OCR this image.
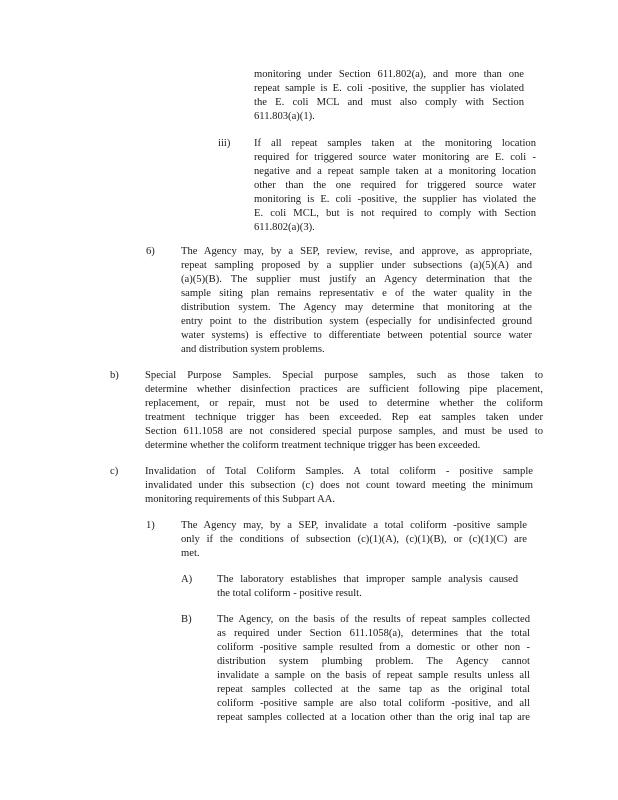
monitoring under Section 611.802(a), and more than one
repeat sample is E. coli -positive, the supplier has violated
the E. coli MCL and must also comply with Section
611.803(a)(1).
iii) If all repeat samples taken at the monitoring location
required for triggered source water monitoring are E. coli -
negative and a repeat sample taken at a monitoring location
other than the one required for triggered source water
monitoring is E. coli -positive, the supplier has violated the
E. coli MCL, but is not required to comply with Section
611.802(a)(3).
6) The Agency may, by a SEP, review, revise, and approve, as appropriate,
repeat sampling proposed by a supplier under subsections (a)(5)(A) and
(a)(5)(B). The supplier must justify an Agency determination that the
sample siting plan remains representativ e of the water quality in the
distribution system. The Agency may determine that monitoring at the
entry point to the distribution system (especially for undisinfected ground
water systems) is effective to differentiate between potential source water
and distribution system problems.
b) Special Purpose Samples. Special purpose samples, such as those taken to
determine whether disinfection practices are sufficient following pipe placement,
replacement, or repair, must not be used to determine whether the coliform
treatment technique trigger has been exceeded. Rep eat samples taken under
Section 611.1058 are not considered special purpose samples, and must be used to
determine whether the coliform treatment technique trigger has been exceeded.
c)	Invalidation of Total Coliform Samples. A total coliform - positive sample
invalidated under this subsection (c) does not count toward meeting the minimum
monitoring requirements of this Subpart AA.
1) The Agency may, by a SEP, invalidate a total coliform -positive sample
only if the conditions of subsection (c)(1)(A), (c)(1)(B), or (c)(1)(C) are
met.
A) The laboratory establishes that improper sample analysis caused
the total coliform - positive result.
B) The Agency, on the basis of the results of repeat samples collected
as required under Section 611.1058(a), determines that the total
coliform -positive sample resulted from a domestic or other non -
distribution system plumbing problem. The Agency cannot
invalidate a sample on the basis of repeat sample results unless all
repeat samples collected at the same tap as the original total
coliform -positive sample are also total coliform -positive, and all
repeat samples collected at a location other than the orig inal tap are
